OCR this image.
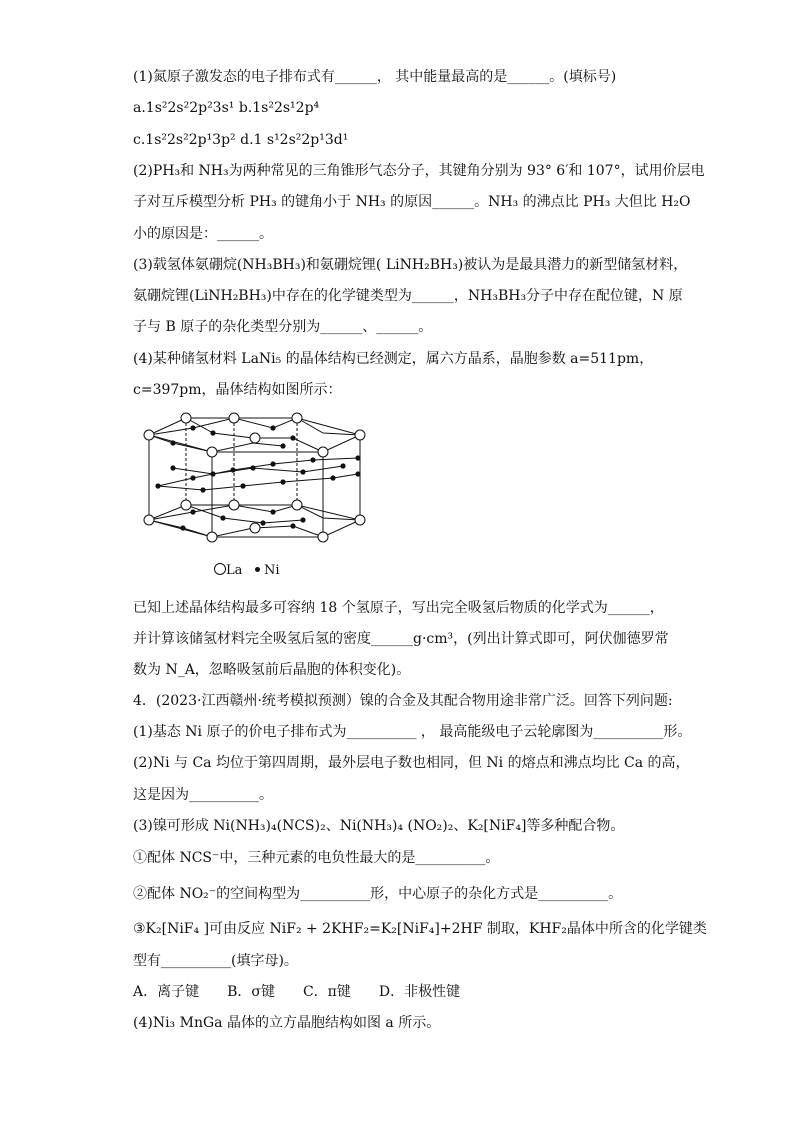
(1)氮原子激发态的电子排布式有______， 其中能量最高的是______。(填标号)
a.1s²2s²2p²3s¹ b.1s²2s¹2p⁴
c.1s²2s²2p¹3p² d.1 s¹2s²2p¹3d¹
(2)PH₃和 NH₃为两种常见的三角锥形气态分子，其键角分别为 93° 6′和 107°，试用价层电
子对互斥模型分析 PH₃ 的键角小于 NH₃ 的原因______。NH₃ 的沸点比 PH₃ 大但比 H₂O
小的原因是：______。
(3)载氢体氨硼烷(NH₃BH₃)和氨硼烷锂( LiNH₂BH₃)被认为是最具潜力的新型储氢材料，
氨硼烷锂(LiNH₂BH₃)中存在的化学键类型为______，NH₃BH₃分子中存在配位键，N 原
子与 B 原子的杂化类型分别为______、______。
(4)某种储氢材料 LaNi₅ 的晶体结构已经测定，属六方晶系，晶胞参数 a=511pm，
c=397pm，晶体结构如图所示：
La Ni
已知上述晶体结构最多可容纳 18 个氢原子，写出完全吸氢后物质的化学式为______，
并计算该储氢材料完全吸氢后氢的密度______g·cm³，(列出计算式即可，阿伏伽德罗常
数为 N_A，忽略吸氢前后晶胞的体积变化)。
4．(2023·江西赣州·统考模拟预测）镍的合金及其配合物用途非常广泛。回答下列问题:
(1)基态 Ni 原子的价电子排布式为__________ ， 最高能级电子云轮廓图为__________形。
(2)Ni 与 Ca 均位于第四周期，最外层电子数也相同，但 Ni 的熔点和沸点均比 Ca 的高，
这是因为__________。
(3)镍可形成 Ni(NH₃)₄(NCS)₂、Ni(NH₃)₄ (NO₂)₂、K₂[NiF₄]等多种配合物。
①配体 NCS⁻中，三种元素的电负性最大的是__________。
②配体 NO₂⁻的空间构型为__________形，中心原子的杂化方式是__________。
③K₂[NiF₄ ]可由反应 NiF₂ + 2KHF₂=K₂[NiF₄]+2HF 制取，KHF₂晶体中所含的化学键类
型有__________(填字母)。
A．离子键　　B．σ键　　C．π键　　D．非极性键
(4)Ni₃ MnGa 晶体的立方晶胞结构如图 a 所示。
